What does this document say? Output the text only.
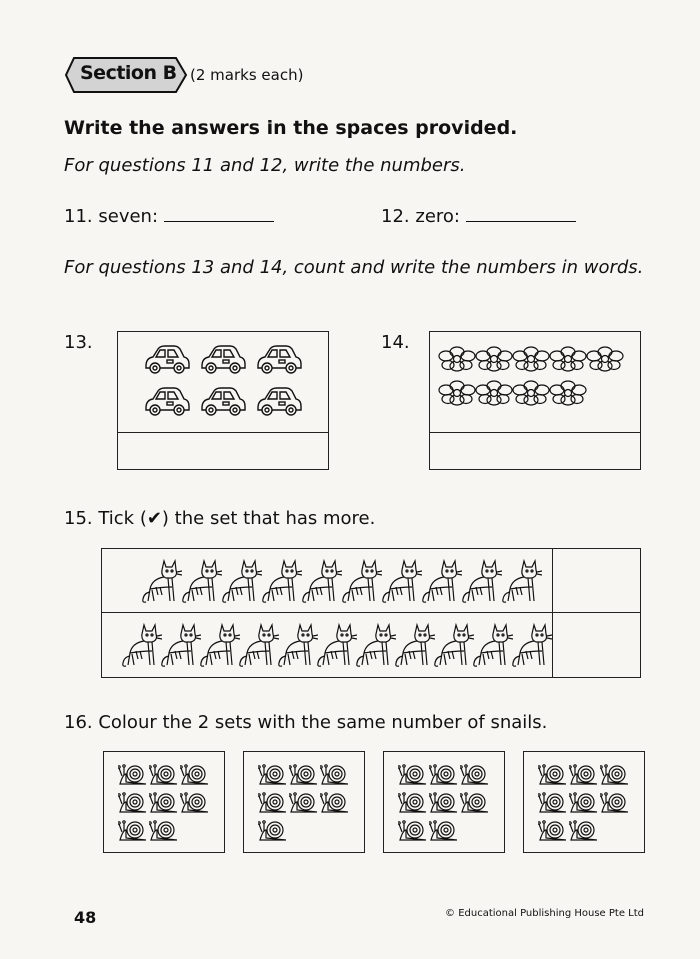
Section B (2 marks each)
Write the answers in the spaces provided.
For questions 11 and 12, write the numbers.
11. seven:	12. zero:
For questions 13 and 14, count and write the numbers in words.
13.	14.
15. Tick (✔) the set that has more.
16. Colour the 2 sets with the same number of snails.
48	© Educational Publishing House Pte Ltd
